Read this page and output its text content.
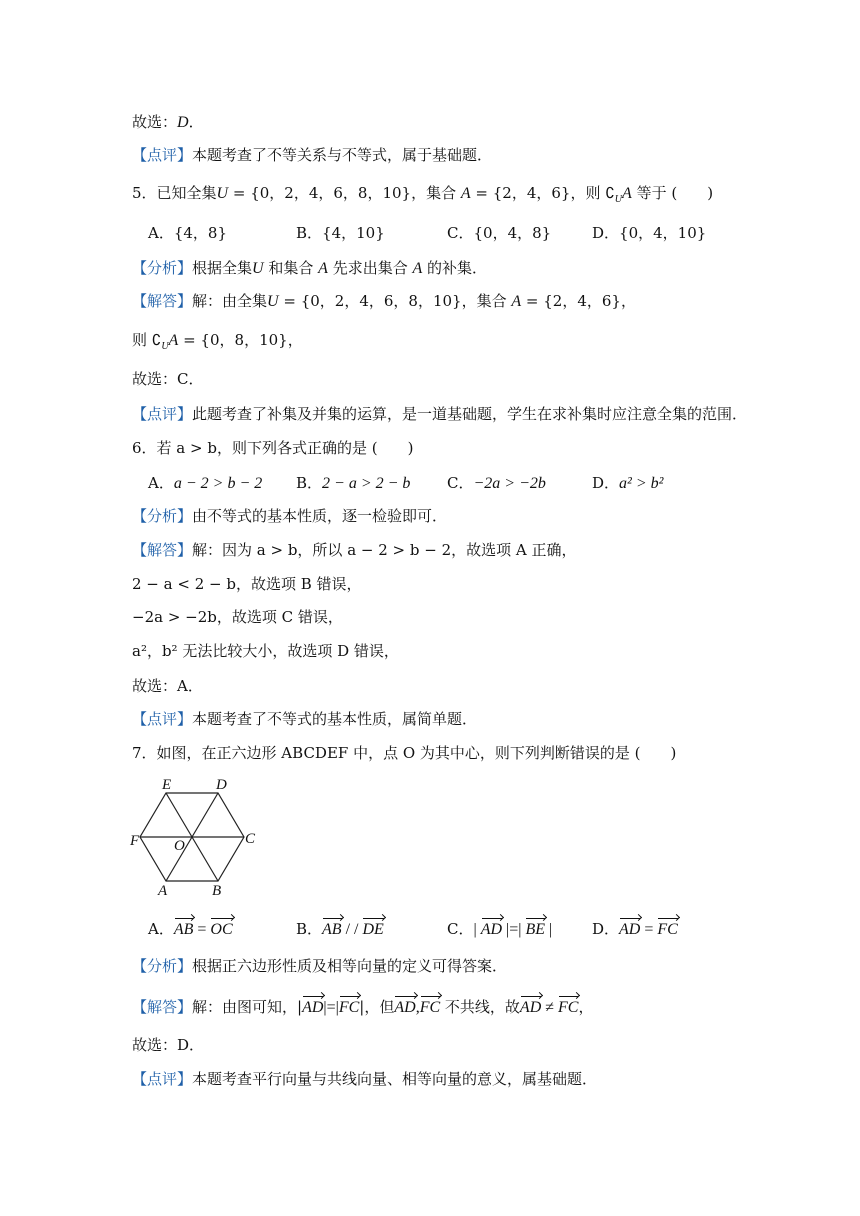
故选：D．
【点评】本题考查了不等关系与不等式，属于基础题．
5．已知全集U = {0，2，4，6，8，10}，集合 A = {2，4，6}，则 $∁_UA$ 等于 (　　)
A．{4，8}	B．{4，10}	C．{0，4，8}	D．{0，4，10}
【分析】根据全集U 和集合 A 先求出集合 A 的补集．
【解答】解：由全集U = {0，2，4，6，8，10}，集合 A = {2，4，6}，
则 $∁_UA = \{0$，8，10}，
故选：C．
【点评】此题考查了补集及并集的运算，是一道基础题，学生在求补集时应注意全集的范围．
6．若 a > b，则下列各式正确的是 (　　)
A．a − 2 > b − 2 B．2 − a > 2 − b C．−2a > −2b	D．a² > b²
【分析】由不等式的基本性质，逐一检验即可．
【解答】解：因为 a > b，所以 a − 2 > b − 2，故选项 A 正确，
2 − a < 2 − b，故选项 B 错误，
−2a > −2b，故选项 C 错误，
a²，b² 无法比较大小，故选项 D 错误，
故选：A．
【点评】本题考查了不等式的基本性质，属简单题．
7．如图，在正六边形 ABCDEF 中，点 O 为其中心，则下列判断错误的是 (　　)
E	D
C
F O
A	B
A．AB = OC	B．AB / / DE	C．| AD |=| BE |	D．AD = FC
【分析】根据正六边形性质及相等向量的定义可得答案．
【解答】解：由图可知，|AD|=|FC|，但AD,FC 不共线，故AD ≠ FC，
故选：D．
【点评】本题考查平行向量与共线向量、相等向量的意义，属基础题．
